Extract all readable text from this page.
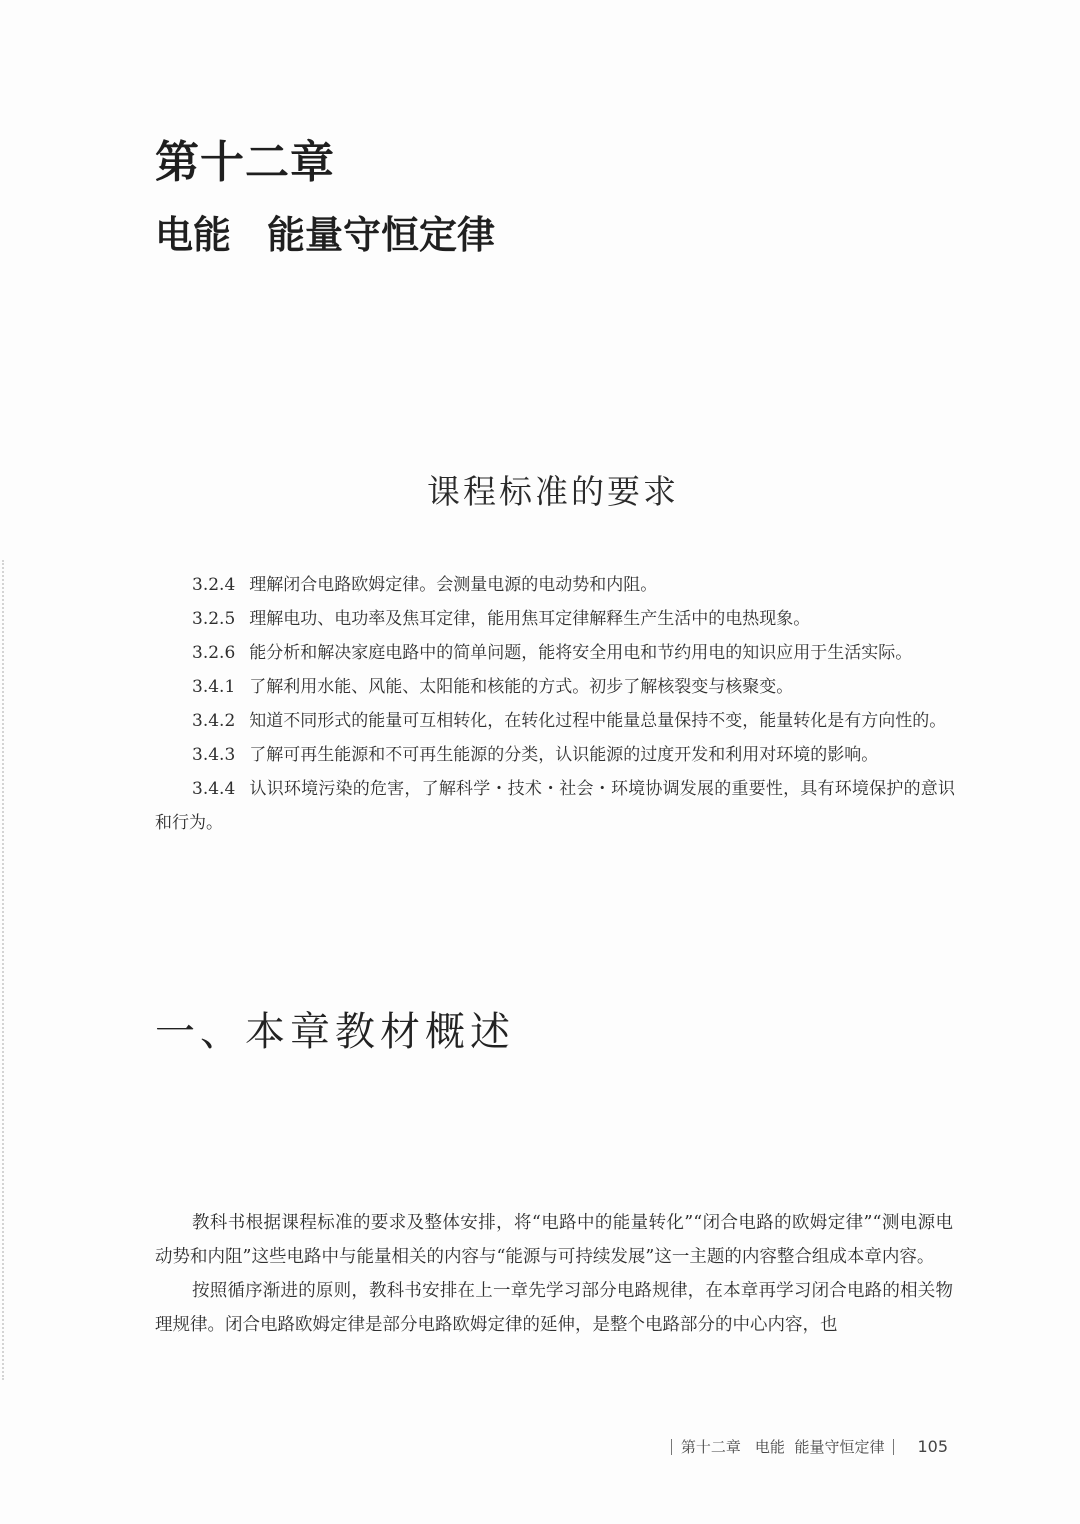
第十二章
电能 能量守恒定律
课程标准的要求

3.2.4 理解闭合电路欧姆定律。会测量电源的电动势和内阻。

3.2.5 理解电功、电功率及焦耳定律，能用焦耳定律解释生产生活中的电热现象。

3.2.6 能分析和解决家庭电路中的简单问题，能将安全用电和节约用电的知识应用于生活实际。

3.4.1 了解利用水能、风能、太阳能和核能的方式。初步了解核裂变与核聚变。

3.4.2 知道不同形式的能量可互相转化，在转化过程中能量总量保持不变，能量转化是有方向性的。

3.4.3 了解可再生能源和不可再生能源的分类，认识能源的过度开发和利用对环境的影响。

3.4.4 认识环境污染的危害，了解科学・技术・社会・环境协调发展的重要性，具有环境保护的意识和行为。

一、本章教材概述

教科书根据课程标准的要求及整体安排，将“电路中的能量转化”“闭合电路的欧姆定律”“测电源电动势和内阻”这些电路中与能量相关的内容与“能源与可持续发展”这一主题的内容整合组成本章内容。

按照循序渐进的原则，教科书安排在上一章先学习部分电路规律，在本章再学习闭合电路的相关物理规律。闭合电路欧姆定律是部分电路欧姆定律的延伸，是整个电路部分的中心内容，也

第十二章 电能  能量守恒定律 105
